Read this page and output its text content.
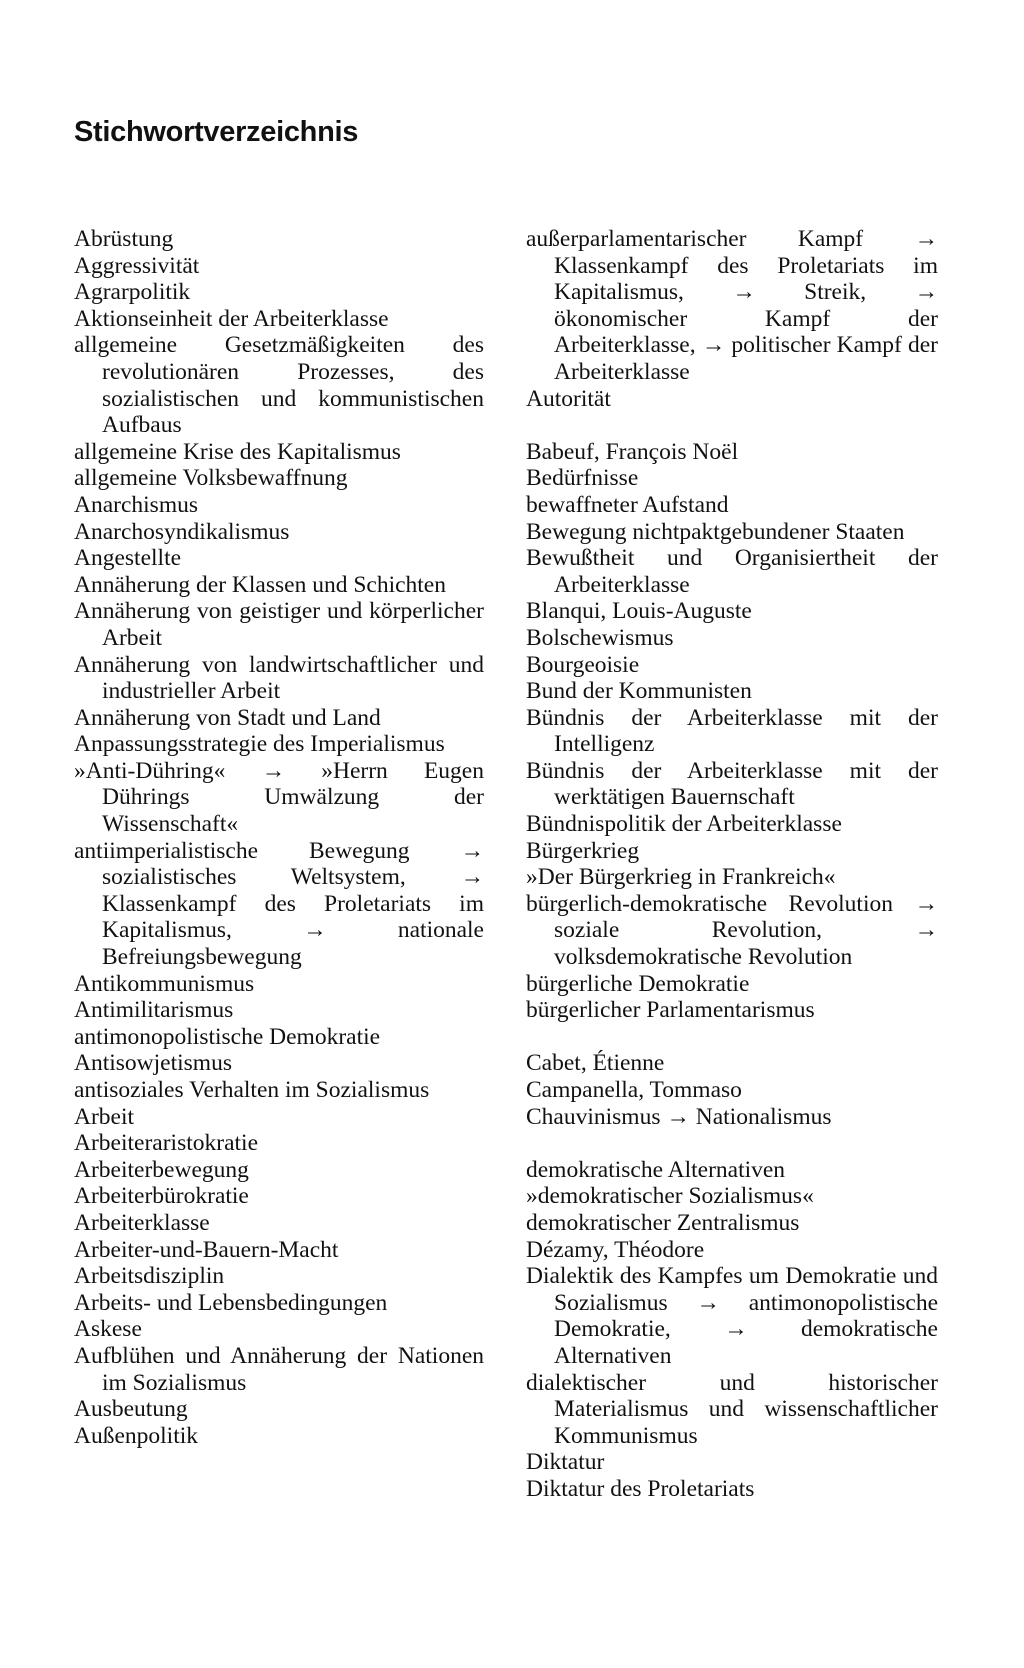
Stichwortverzeichnis
Abrüstung
Aggressivität
Agrarpolitik
Aktionseinheit der Arbeiterklasse
allgemeine Gesetzmäßigkeiten des revolutionären Prozesses, des sozialistischen und kommunistischen Aufbaus
allgemeine Krise des Kapitalismus
allgemeine Volksbewaffnung
Anarchismus
Anarchosyndikalismus
Angestellte
Annäherung der Klassen und Schichten
Annäherung von geistiger und körperlicher Arbeit
Annäherung von landwirtschaftlicher und industrieller Arbeit
Annäherung von Stadt und Land
Anpassungsstrategie des Imperialismus
»Anti-Dühring« → »Herrn Eugen Dührings Umwälzung der Wissenschaft«
antiimperialistische Bewegung → sozialistisches Weltsystem, → Klassenkampf des Proletariats im Kapitalismus, → nationale Befreiungsbewegung
Antikommunismus
Antimilitarismus
antimonopolistische Demokratie
Antisowjetismus
antisoziales Verhalten im Sozialismus
Arbeit
Arbeiteraristokratie
Arbeiterbewegung
Arbeiterbürokratie
Arbeiterklasse
Arbeiter-und-Bauern-Macht
Arbeitsdisziplin
Arbeits- und Lebensbedingungen
Askese
Aufblühen und Annäherung der Nationen im Sozialismus
Ausbeutung
Außenpolitik
außerparlamentarischer Kampf → Klassenkampf des Proletariats im Kapitalismus, → Streik, → ökonomischer Kampf der Arbeiterklasse, → politischer Kampf der Arbeiterklasse
Autorität
Babeuf, François Noël
Bedürfnisse
bewaffneter Aufstand
Bewegung nichtpaktgebundener Staaten
Bewußtheit und Organisiertheit der Arbeiterklasse
Blanqui, Louis-Auguste
Bolschewismus
Bourgeoisie
Bund der Kommunisten
Bündnis der Arbeiterklasse mit der Intelligenz
Bündnis der Arbeiterklasse mit der werktätigen Bauernschaft
Bündnispolitik der Arbeiterklasse
Bürgerkrieg
»Der Bürgerkrieg in Frankreich«
bürgerlich-demokratische Revolution → soziale Revolution, → volksdemokratische Revolution
bürgerliche Demokratie
bürgerlicher Parlamentarismus
Cabet, Étienne
Campanella, Tommaso
Chauvinismus → Nationalismus
demokratische Alternativen
»demokratischer Sozialismus«
demokratischer Zentralismus
Dézamy, Théodore
Dialektik des Kampfes um Demokratie und Sozialismus → antimonopolistische Demokratie, → demokratische Alternativen
dialektischer und historischer Materialismus und wissenschaftlicher Kommunismus
Diktatur
Diktatur des Proletariats
